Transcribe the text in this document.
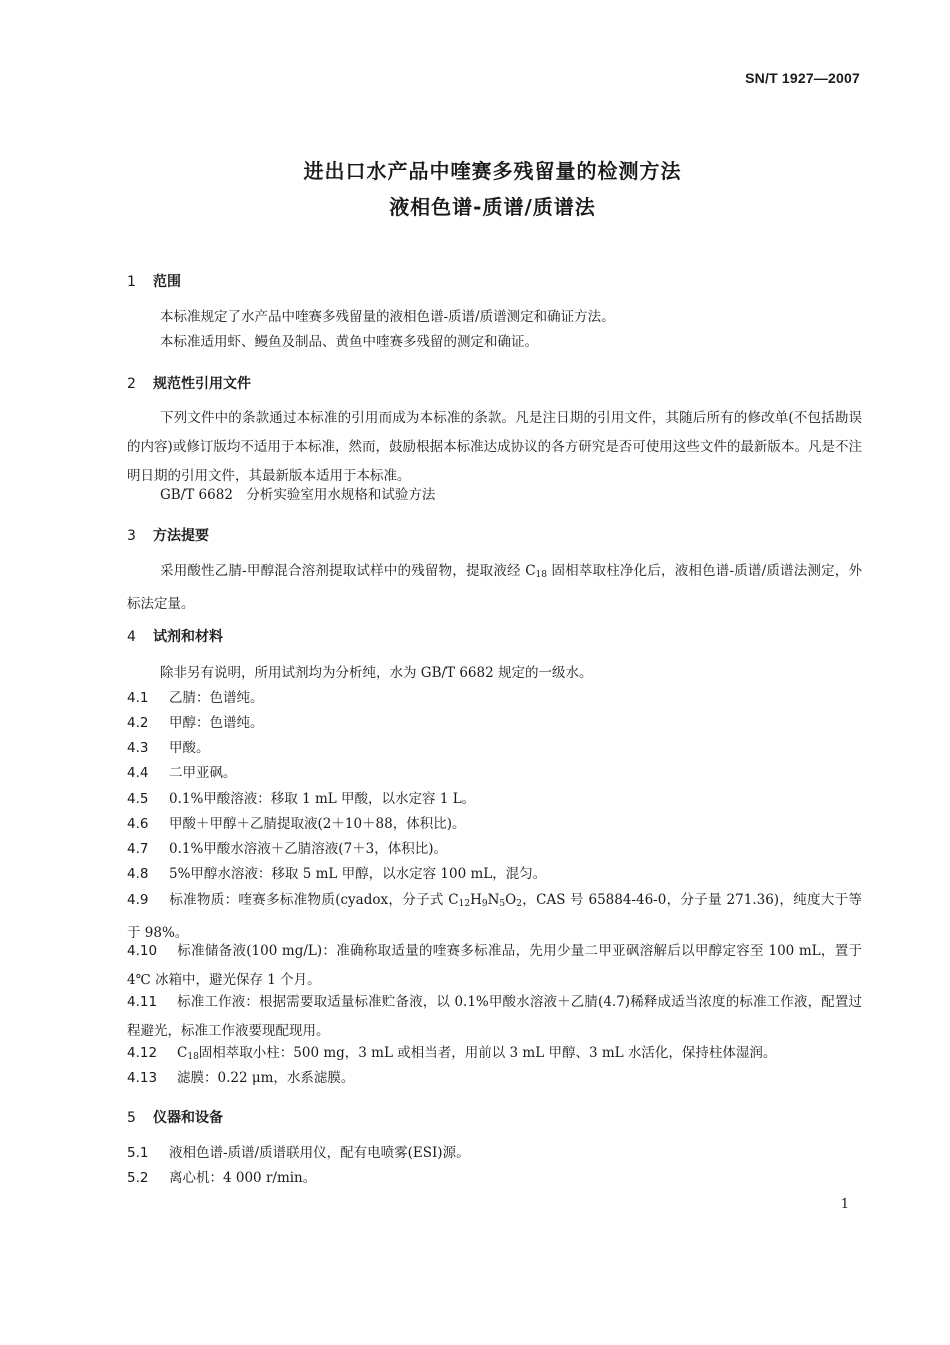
SN/T 1927—2007
进出口水产品中喹赛多残留量的检测方法
液相色谱-质谱/质谱法
1 范围

本标准规定了水产品中喹赛多残留量的液相色谱-质谱/质谱测定和确证方法。

本标准适用虾、鳗鱼及制品、黄鱼中喹赛多残留的测定和确证。

2 规范性引用文件

下列文件中的条款通过本标准的引用而成为本标准的条款。凡是注日期的引用文件，其随后所有的修改单(不包括勘误的内容)或修订版均不适用于本标准，然而，鼓励根据本标准达成协议的各方研究是否可使用这些文件的最新版本。凡是不注明日期的引用文件，其最新版本适用于本标准。

GB/T 6682　分析实验室用水规格和试验方法

3 方法提要

采用酸性乙腈-甲醇混合溶剂提取试样中的残留物，提取液经 $C_{18}$ 固相萃取柱净化后，液相色谱-质谱/质谱法测定，外标法定量。

4 试剂和材料

除非另有说明，所用试剂均为分析纯，水为 GB/T 6682 规定的一级水。

4.1 乙腈：色谱纯。

4.2 甲醇：色谱纯。

4.3 甲酸。

4.4 二甲亚砜。

4.5 0.1%甲酸溶液：移取 1 mL 甲酸，以水定容 1 L。

4.6 甲酸＋甲醇＋乙腈提取液(2＋10＋88，体积比)。

4.7 0.1%甲酸水溶液＋乙腈溶液(7＋3，体积比)。

4.8 5%甲醇水溶液：移取 5 mL 甲醇，以水定容 100 mL，混匀。

4.9 标准物质：喹赛多标准物质(cyadox，分子式 $C_{12}H_9N_5O_2$，CAS 号 65884-46-0，分子量 271.36)，纯度大于等于 98%。

4.10 标准储备液(100 mg/L)：准确称取适量的喹赛多标准品，先用少量二甲亚砜溶解后以甲醇定容至 100 mL，置于 4℃ 冰箱中，避光保存 1 个月。

4.11 标准工作液：根据需要取适量标准贮备液，以 0.1%甲酸水溶液＋乙腈(4.7)稀释成适当浓度的标准工作液，配置过程避光，标准工作液要现配现用。

4.12 $C_{18}$固相萃取小柱：500 mg，3 mL 或相当者，用前以 3 mL 甲醇、3 mL 水活化，保持柱体湿润。

4.13 滤膜：0.22 μm，水系滤膜。

5 仪器和设备

5.1 液相色谱-质谱/质谱联用仪，配有电喷雾(ESI)源。

5.2 离心机：4 000 r/min。

1
